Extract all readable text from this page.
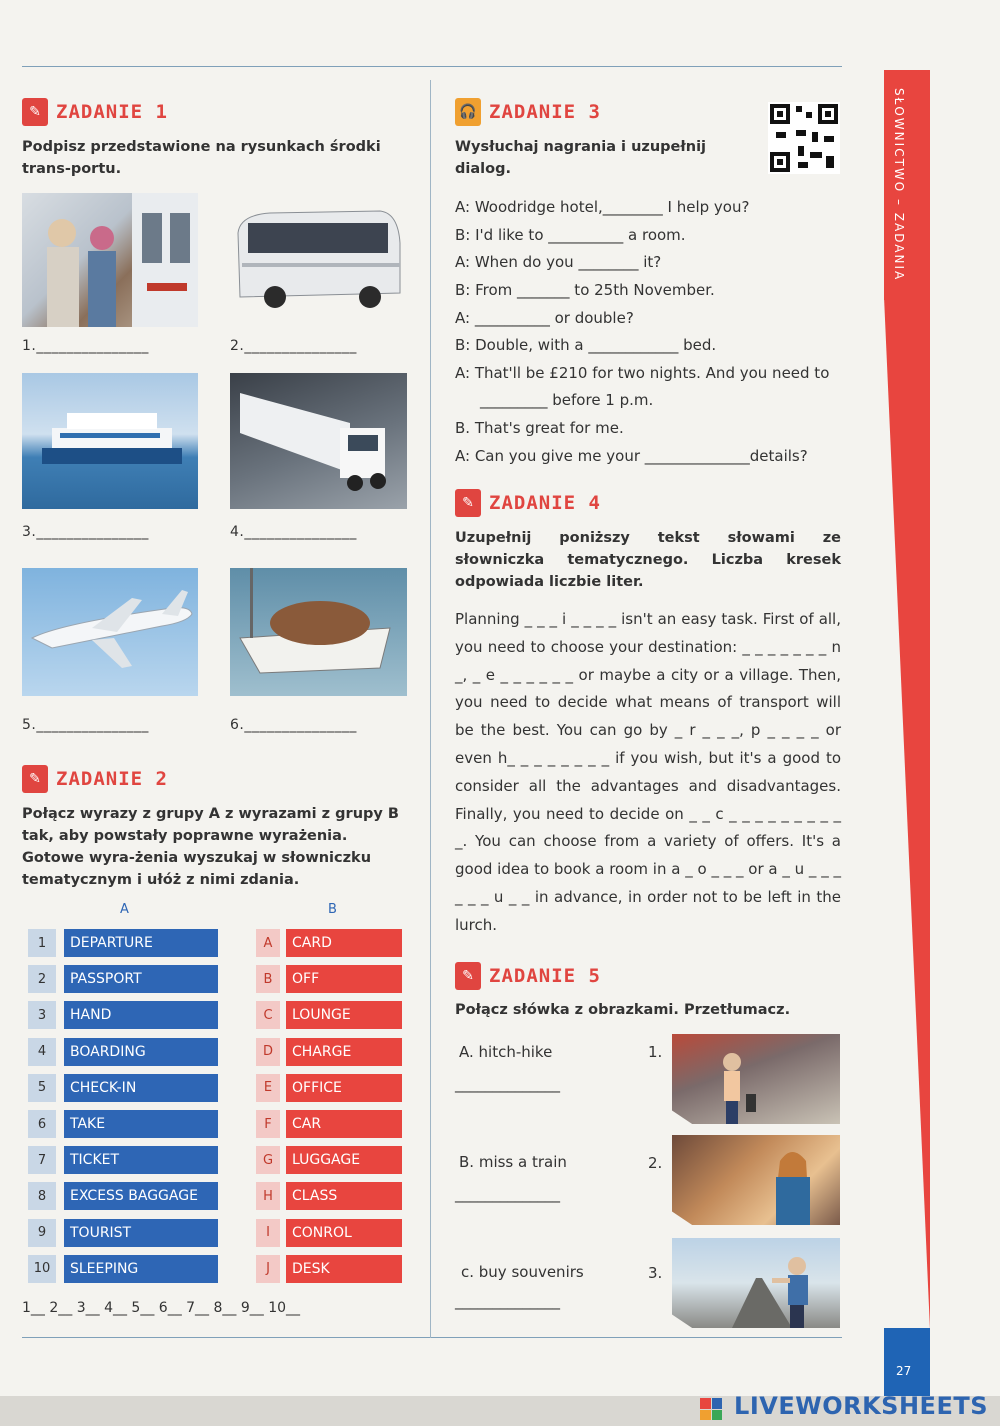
SŁOWNICTWO – ZADANIA
27
LIVEWORKSHEETS
✎ ZADANIE 1
Podpisz przedstawione na rysunkach środki trans-portu.
1._______________	2._______________
3._______________	4._______________
5._______________	6._______________
✎ ZADANIE 2
Połącz wyrazy z grupy A z wyrazami z grupy B tak, aby powstały poprawne wyrażenia. Gotowe wyra-żenia wyszukaj w słowniczku tematycznym i ułóż z nimi zdania.
A	B
1	DEPARTURE	A	CARD
2	PASSPORT	B	OFF
3	HAND	C	LOUNGE
4	BOARDING	D	CHARGE
5	CHECK-IN	E	OFFICE
6	TAKE	F	CAR
7	TICKET	G	LUGGAGE
8	EXCESS BAGGAGE	H	CLASS
9	TOURIST	I	CONROL
10	SLEEPING	J	DESK
1__ 2__ 3__ 4__ 5__ 6__ 7__ 8__ 9__ 10__
🎧 ZADANIE 3
Wysłuchaj nagrania i uzupełnij dialog.
A: Woodridge hotel,________ I help you?
B: I'd like to __________ a room.
A: When do you ________ it?
B: From _______ to 25th November.
A: __________ or double?
B: Double, with a ____________ bed.
A: That'll be £210 for two nights. And you need to
_________ before 1 p.m.
B. That's great for me.
A: Can you give me your ______________details?
✎ ZADANIE 4
Uzupełnij poniższy tekst słowami ze słowniczka tematycznego. Liczba kresek odpowiada liczbie liter.
Planning _ _ _ i _ _ _ _ isn't an easy task. First of all, you need to choose your destination: _ _ _ _ _ _ _ n _, _ e _ _ _ _ _ _ or maybe a city or a village. Then, you need to decide what means of transport will be the best. You can go by _ r _ _ _, p _ _ _ _ or even h_ _ _ _ _ _ _ _ if you wish, but it's a good to consider all the advantages and disadvantages. Finally, you need to decide on _ _ c _ _ _ _ _ _ _ _ _ _. You can choose from a variety of offers. It's a good idea to book a room in a _ o _ _ _ or a _ u _ _ _ _ _ _ u _ _ in advance, in order not to be left in the lurch.
✎ ZADANIE 5
Połącz słówka z obrazkami. Przetłumacz.
A. hitch-hike
______________
1.
B. miss a train
______________
2.
c. buy souvenirs
______________
3.
